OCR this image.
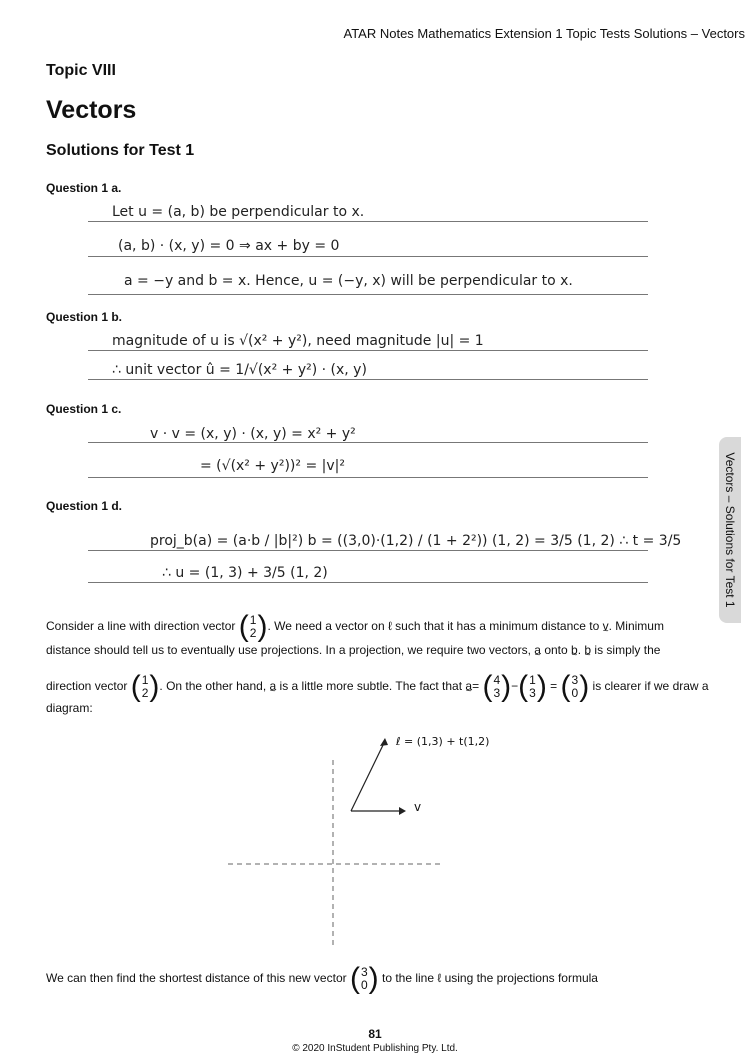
ATAR Notes Mathematics Extension 1 Topic Tests Solutions – Vectors
Topic VIII
Vectors
Solutions for Test 1
Question 1 a.
Let u = (a, b) be perpendicular to x.
(a, b) · (x, y) = 0 ⇒ ax + by = 0
a = −y and b = x. Hence, u = (−y, x) will be perpendicular to x.
Question 1 b.
magnitude of u is √(x² + y²), need magnitude |u| = 1
∴ unit vector û = 1/√(x² + y²) · (x, y)
Question 1 c.
v · v = (x, y) · (x, y) = x² + y²
= (√(x² + y²))² = |v|²
Question 1 d.
proj_b(a) = (a·b / |b|²) b = ((3,0)·(1,2) / (1 + 2²)) (1, 2) = 3/5 (1, 2) ∴ t = 3/5
∴ u = (1, 3) + 3/5 (1, 2)
Consider a line with direction vector ( 1
2 ) . We need a vector on ℓ such that it has a minimum distance to v ~. Minimum
distance should tell us to eventually use projections. In a projection, we require two vectors, a ~ onto b ~. b ~ is simply the
direction vector ( 1
2 ) . On the other hand, a ~ is a little more subtle. The fact that a ~= ( 4
3 ) − ( 1
3 ) = ( 3
0 ) is clearer if we draw a
diagram:
ℓ = (1,3) + t(1,2)
v
We can then find the shortest distance of this new vector ( 3
0 ) to the line ℓ using the projections formula
Vectors – Solutions for Test 1
81
© 2020 InStudent Publishing Pty. Ltd.
